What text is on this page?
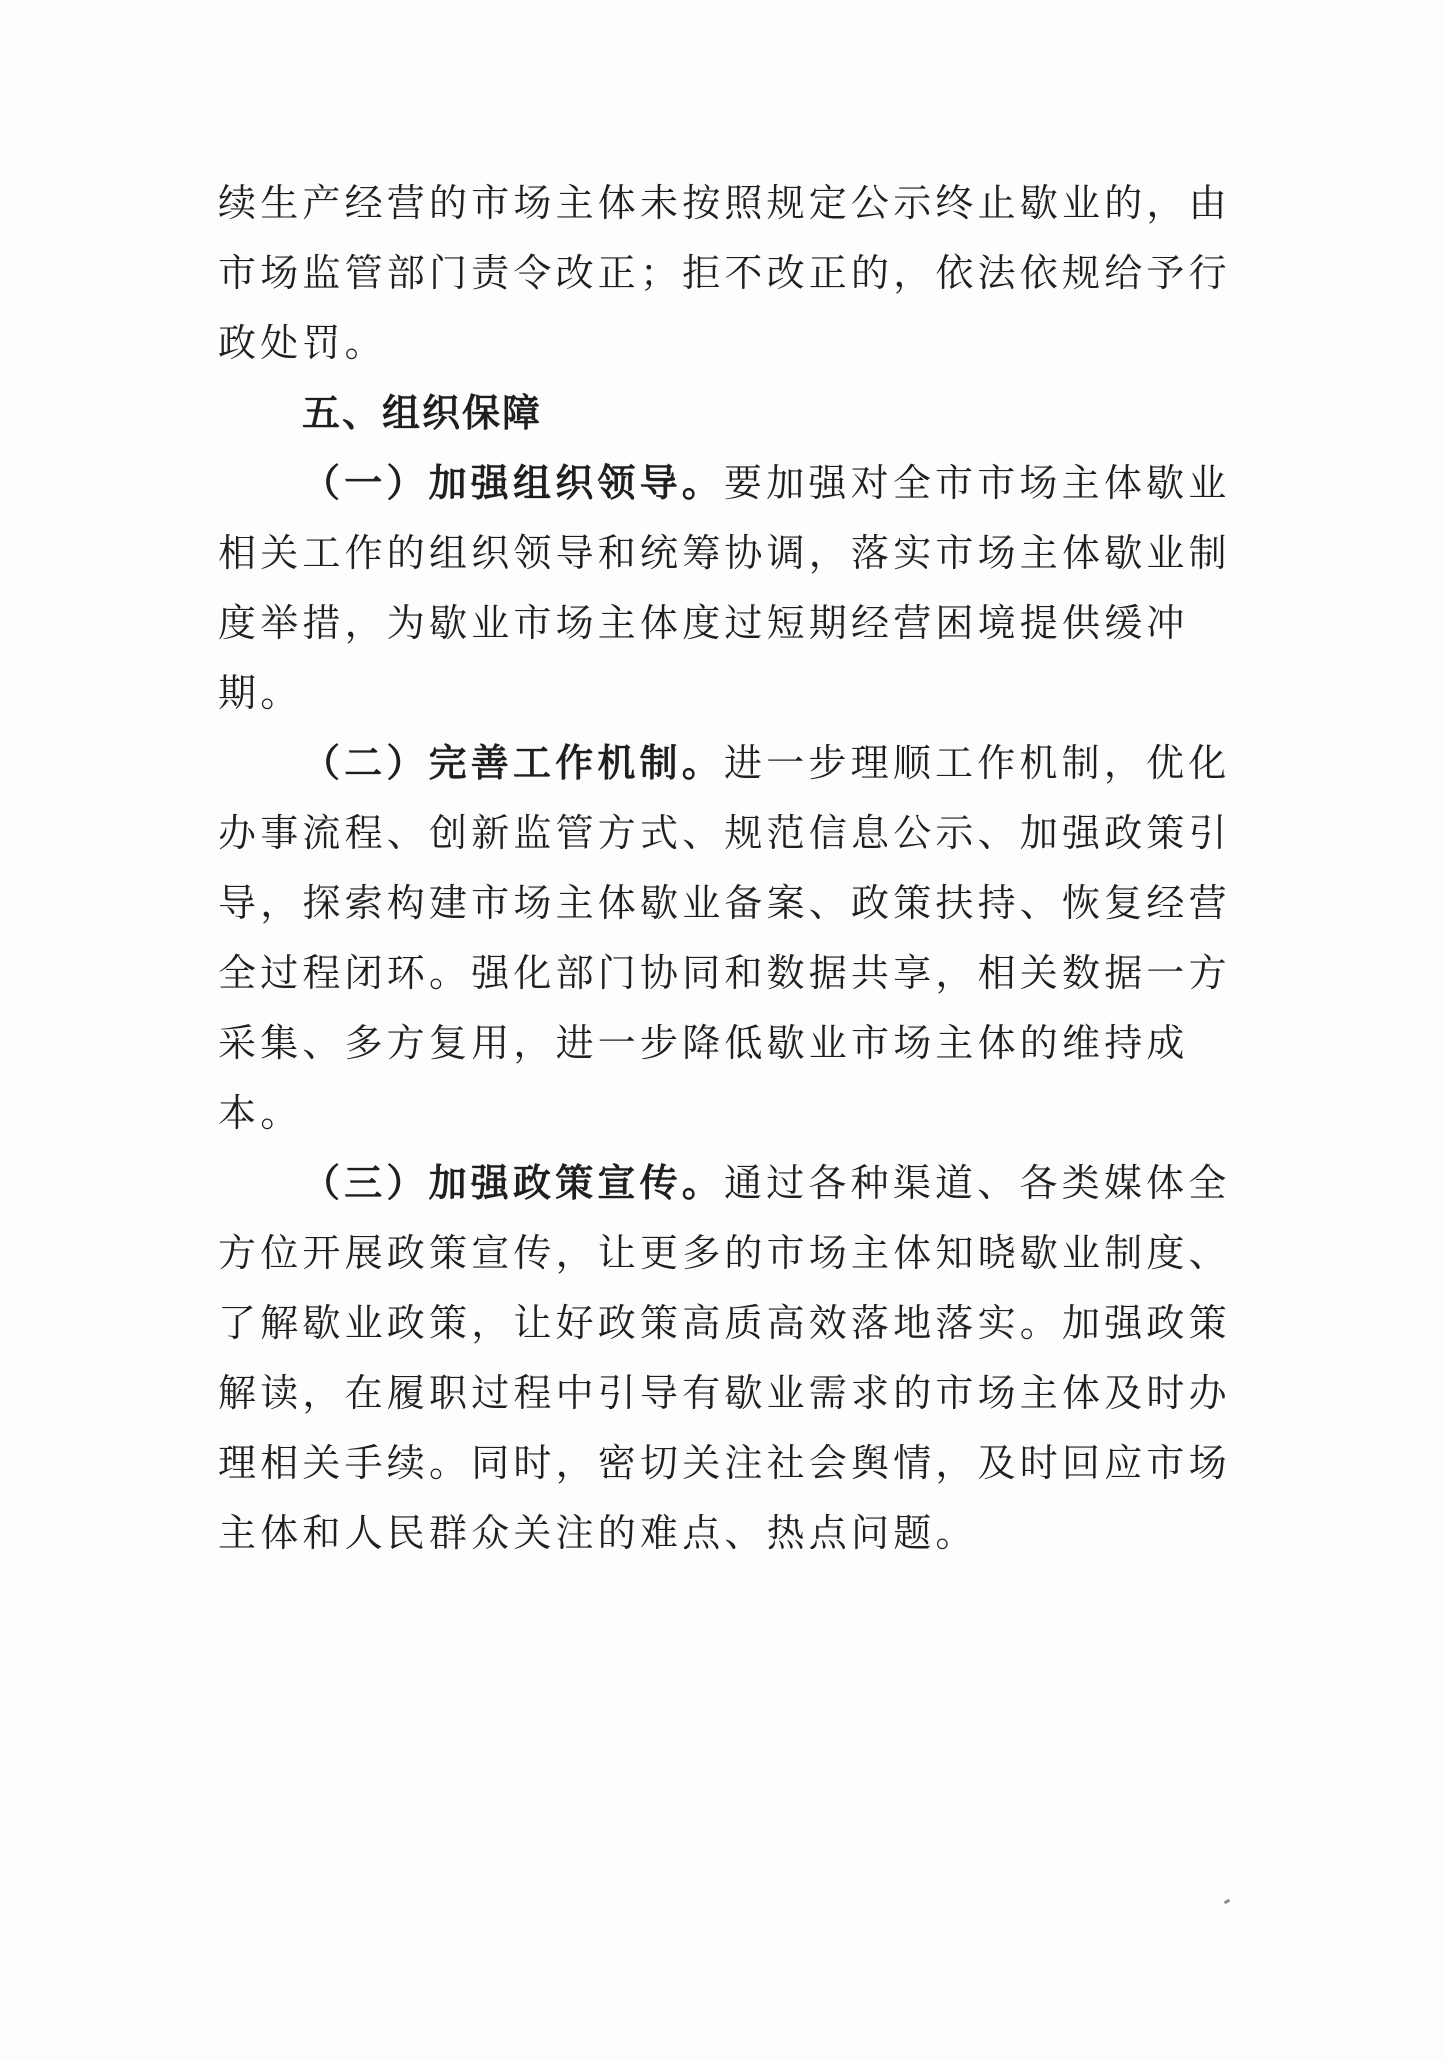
续生产经营的市场主体未按照规定公示终止歇业的，由市场监管部门责令改正；拒不改正的，依法依规给予行政处罚。

五、组织保障

（一）加强组织领导。要加强对全市市场主体歇业相关工作的组织领导和统筹协调，落实市场主体歇业制度举措，为歇业市场主体度过短期经营困境提供缓冲期。

（二）完善工作机制。进一步理顺工作机制，优化办事流程、创新监管方式、规范信息公示、加强政策引导，探索构建市场主体歇业备案、政策扶持、恢复经营全过程闭环。强化部门协同和数据共享，相关数据一方采集、多方复用，进一步降低歇业市场主体的维持成本。

（三）加强政策宣传。通过各种渠道、各类媒体全方位开展政策宣传，让更多的市场主体知晓歇业制度、了解歇业政策，让好政策高质高效落地落实。加强政策解读，在履职过程中引导有歇业需求的市场主体及时办理相关手续。同时，密切关注社会舆情，及时回应市场主体和人民群众关注的难点、热点问题。
